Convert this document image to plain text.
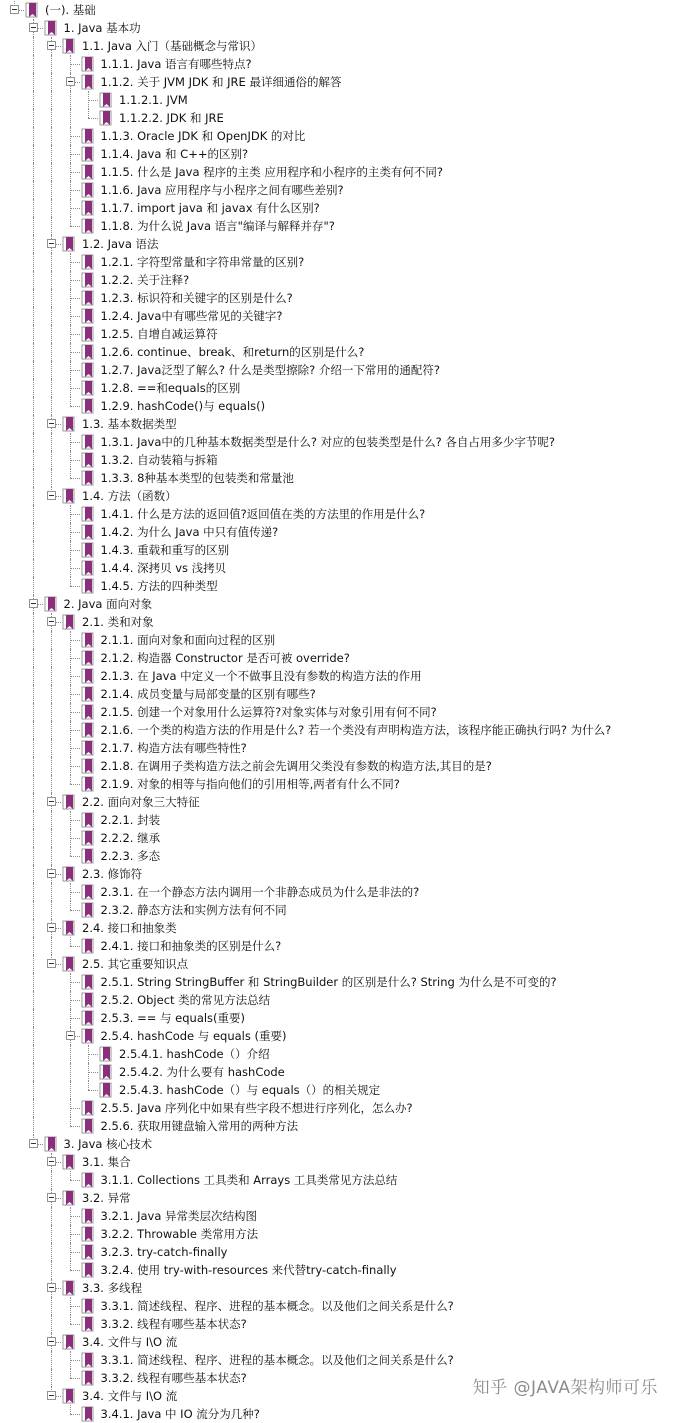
(一). 基础
1. Java 基本功
1.1. Java 入门（基础概念与常识）
1.1.1. Java 语言有哪些特点?
1.1.2. 关于 JVM JDK 和 JRE 最详细通俗的解答
1.1.2.1. JVM
1.1.2.2. JDK 和 JRE
1.1.3. Oracle JDK 和 OpenJDK 的对比
1.1.4. Java 和 C++的区别?
1.1.5. 什么是 Java 程序的主类 应用程序和小程序的主类有何不同?
1.1.6. Java 应用程序与小程序之间有哪些差别?
1.1.7. import java 和 javax 有什么区别?
1.1.8. 为什么说 Java 语言"编译与解释并存"?
1.2. Java 语法
1.2.1. 字符型常量和字符串常量的区别?
1.2.2. 关于注释?
1.2.3. 标识符和关键字的区别是什么?
1.2.4. Java中有哪些常见的关键字?
1.2.5. 自增自减运算符
1.2.6. continue、break、和return的区别是什么?
1.2.7. Java泛型了解么? 什么是类型擦除? 介绍一下常用的通配符?
1.2.8. ==和equals的区别
1.2.9. hashCode()与 equals()
1.3. 基本数据类型
1.3.1. Java中的几种基本数据类型是什么? 对应的包装类型是什么? 各自占用多少字节呢?
1.3.2. 自动装箱与拆箱
1.3.3. 8种基本类型的包装类和常量池
1.4. 方法（函数）
1.4.1. 什么是方法的返回值?返回值在类的方法里的作用是什么?
1.4.2. 为什么 Java 中只有值传递?
1.4.3. 重载和重写的区别
1.4.4. 深拷贝 vs 浅拷贝
1.4.5. 方法的四种类型
2. Java 面向对象
2.1. 类和对象
2.1.1. 面向对象和面向过程的区别
2.1.2. 构造器 Constructor 是否可被 override?
2.1.3. 在 Java 中定义一个不做事且没有参数的构造方法的作用
2.1.4. 成员变量与局部变量的区别有哪些?
2.1.5. 创建一个对象用什么运算符?对象实体与对象引用有何不同?
2.1.6. 一个类的构造方法的作用是什么? 若一个类没有声明构造方法，该程序能正确执行吗? 为什么?
2.1.7. 构造方法有哪些特性?
2.1.8. 在调用子类构造方法之前会先调用父类没有参数的构造方法,其目的是?
2.1.9. 对象的相等与指向他们的引用相等,两者有什么不同?
2.2. 面向对象三大特征
2.2.1. 封装
2.2.2. 继承
2.2.3. 多态
2.3. 修饰符
2.3.1. 在一个静态方法内调用一个非静态成员为什么是非法的?
2.3.2. 静态方法和实例方法有何不同
2.4. 接口和抽象类
2.4.1. 接口和抽象类的区别是什么?
2.5. 其它重要知识点
2.5.1. String StringBuffer 和 StringBuilder 的区别是什么? String 为什么是不可变的?
2.5.2. Object 类的常见方法总结
2.5.3. == 与 equals(重要)
2.5.4. hashCode 与 equals (重要)
2.5.4.1. hashCode（）介绍
2.5.4.2. 为什么要有 hashCode
2.5.4.3. hashCode（）与 equals（）的相关规定
2.5.5. Java 序列化中如果有些字段不想进行序列化，怎么办?
2.5.6. 获取用键盘输入常用的两种方法
3. Java 核心技术
3.1. 集合
3.1.1. Collections 工具类和 Arrays 工具类常见方法总结
3.2. 异常
3.2.1. Java 异常类层次结构图
3.2.2. Throwable 类常用方法
3.2.3. try-catch-finally
3.2.4. 使用 try-with-resources 来代替try-catch-finally
3.3. 多线程
3.3.1. 简述线程、程序、进程的基本概念。以及他们之间关系是什么?
3.3.2. 线程有哪些基本状态?
3.4. 文件与 I\O 流
3.3.1. 简述线程、程序、进程的基本概念。以及他们之间关系是什么?
3.3.2. 线程有哪些基本状态?
3.4. 文件与 I\O 流
3.4.1. Java 中 IO 流分为几种?
知乎 @JAVA架构师可乐
